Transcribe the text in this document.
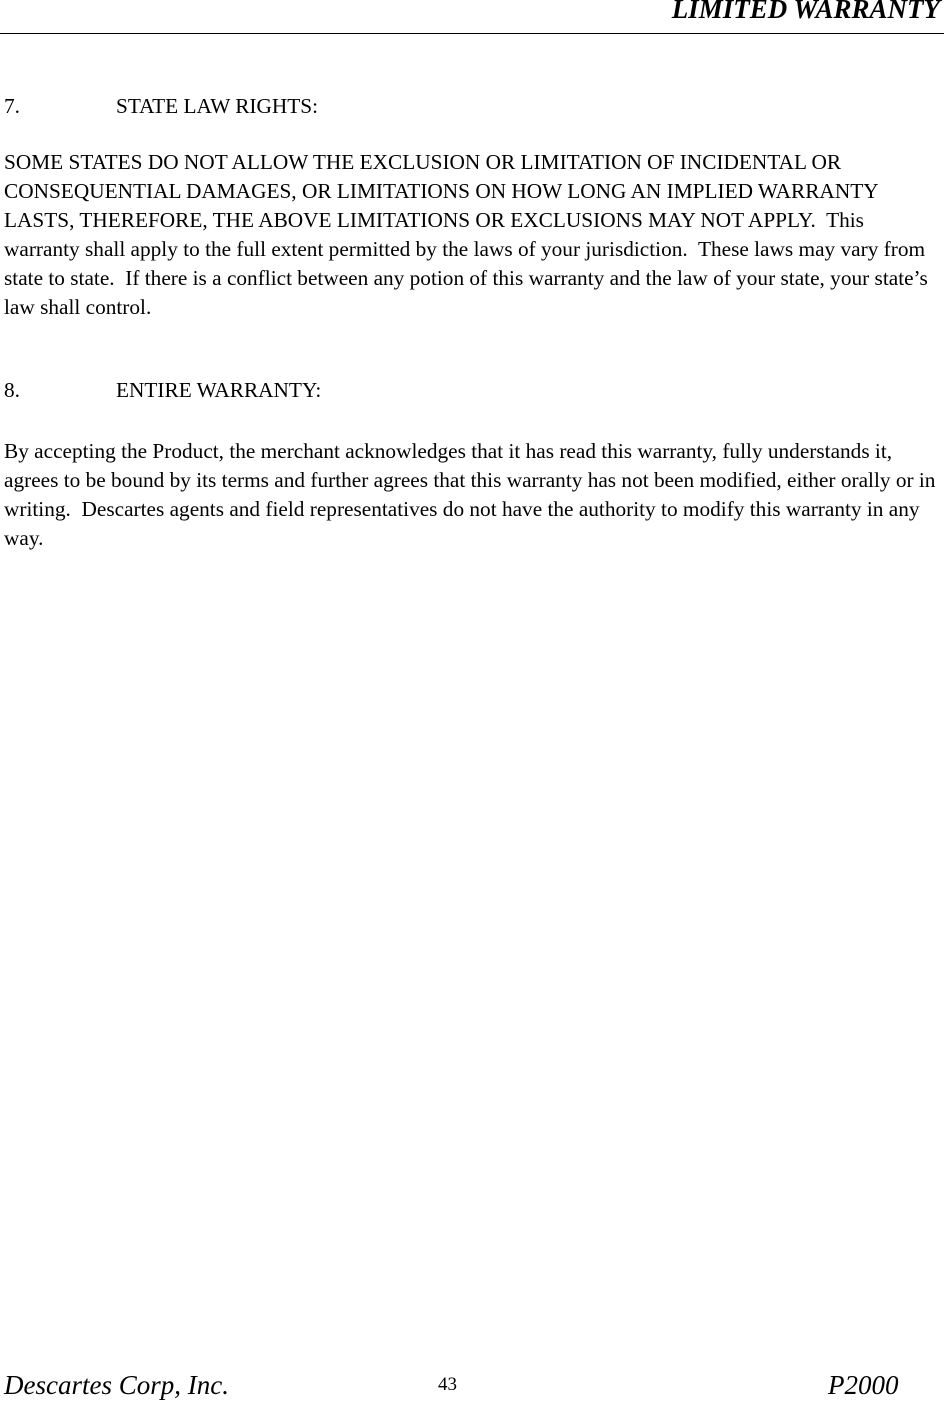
LIMITED WARRANTY
7.	STATE LAW RIGHTS:
SOME STATES DO NOT ALLOW THE EXCLUSION OR LIMITATION OF INCIDENTAL OR CONSEQUENTIAL DAMAGES, OR LIMITATIONS ON HOW LONG AN IMPLIED WARRANTY LASTS, THEREFORE, THE ABOVE LIMITATIONS OR EXCLUSIONS MAY NOT APPLY.  This warranty shall apply to the full extent permitted by the laws of your jurisdiction.  These laws may vary from state to state.  If there is a conflict between any potion of this warranty and the law of your state, your state’s law shall control.
8.	ENTIRE WARRANTY:
By accepting the Product, the merchant acknowledges that it has read this warranty, fully understands it, agrees to be bound by its terms and further agrees that this warranty has not been modified, either orally or in writing.  Descartes agents and field representatives do not have the authority to modify this warranty in any way.
Descartes Corp, Inc.	43	P2000
